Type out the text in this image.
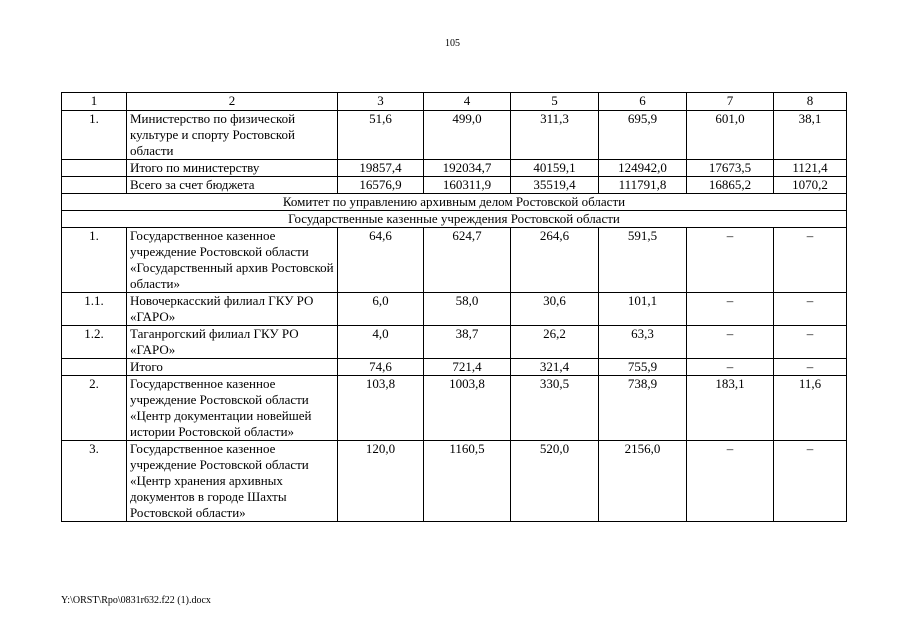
105
1	2	3	4	5	6	7	8
1.	Министерство по физической культуре и спорту Ростовской области	51,6	499,0	311,3	695,9	601,0	38,1
	Итого по министерству	19857,4	192034,7	40159,1	124942,0	17673,5	1121,4
	Всего за счет бюджета	16576,9	160311,9	35519,4	111791,8	16865,2	1070,2
Комитет по управлению архивным делом Ростовской области							
Государственные казенные учреждения Ростовской области							
1.	Государственное казенное учреждение Ростовской области «Государственный архив Ростовской области»	64,6	624,7	264,6	591,5	–	–
1.1.	Новочеркасский филиал ГКУ РО «ГАРО»	6,0	58,0	30,6	101,1	–	–
1.2.	Таганрогский филиал ГКУ РО «ГАРО»	4,0	38,7	26,2	63,3	–	–
	Итого	74,6	721,4	321,4	755,9	–	–
2.	Государственное казенное учреждение Ростовской области «Центр документации новейшей истории Ростовской области»	103,8	1003,8	330,5	738,9	183,1	11,6
3.	Государственное казенное учреждение Ростовской области «Центр хранения архивных документов в городе Шахты Ростовской области»	120,0	1160,5	520,0	2156,0	–	–
Y:\ORST\Rpo\0831r632.f22 (1).docx
